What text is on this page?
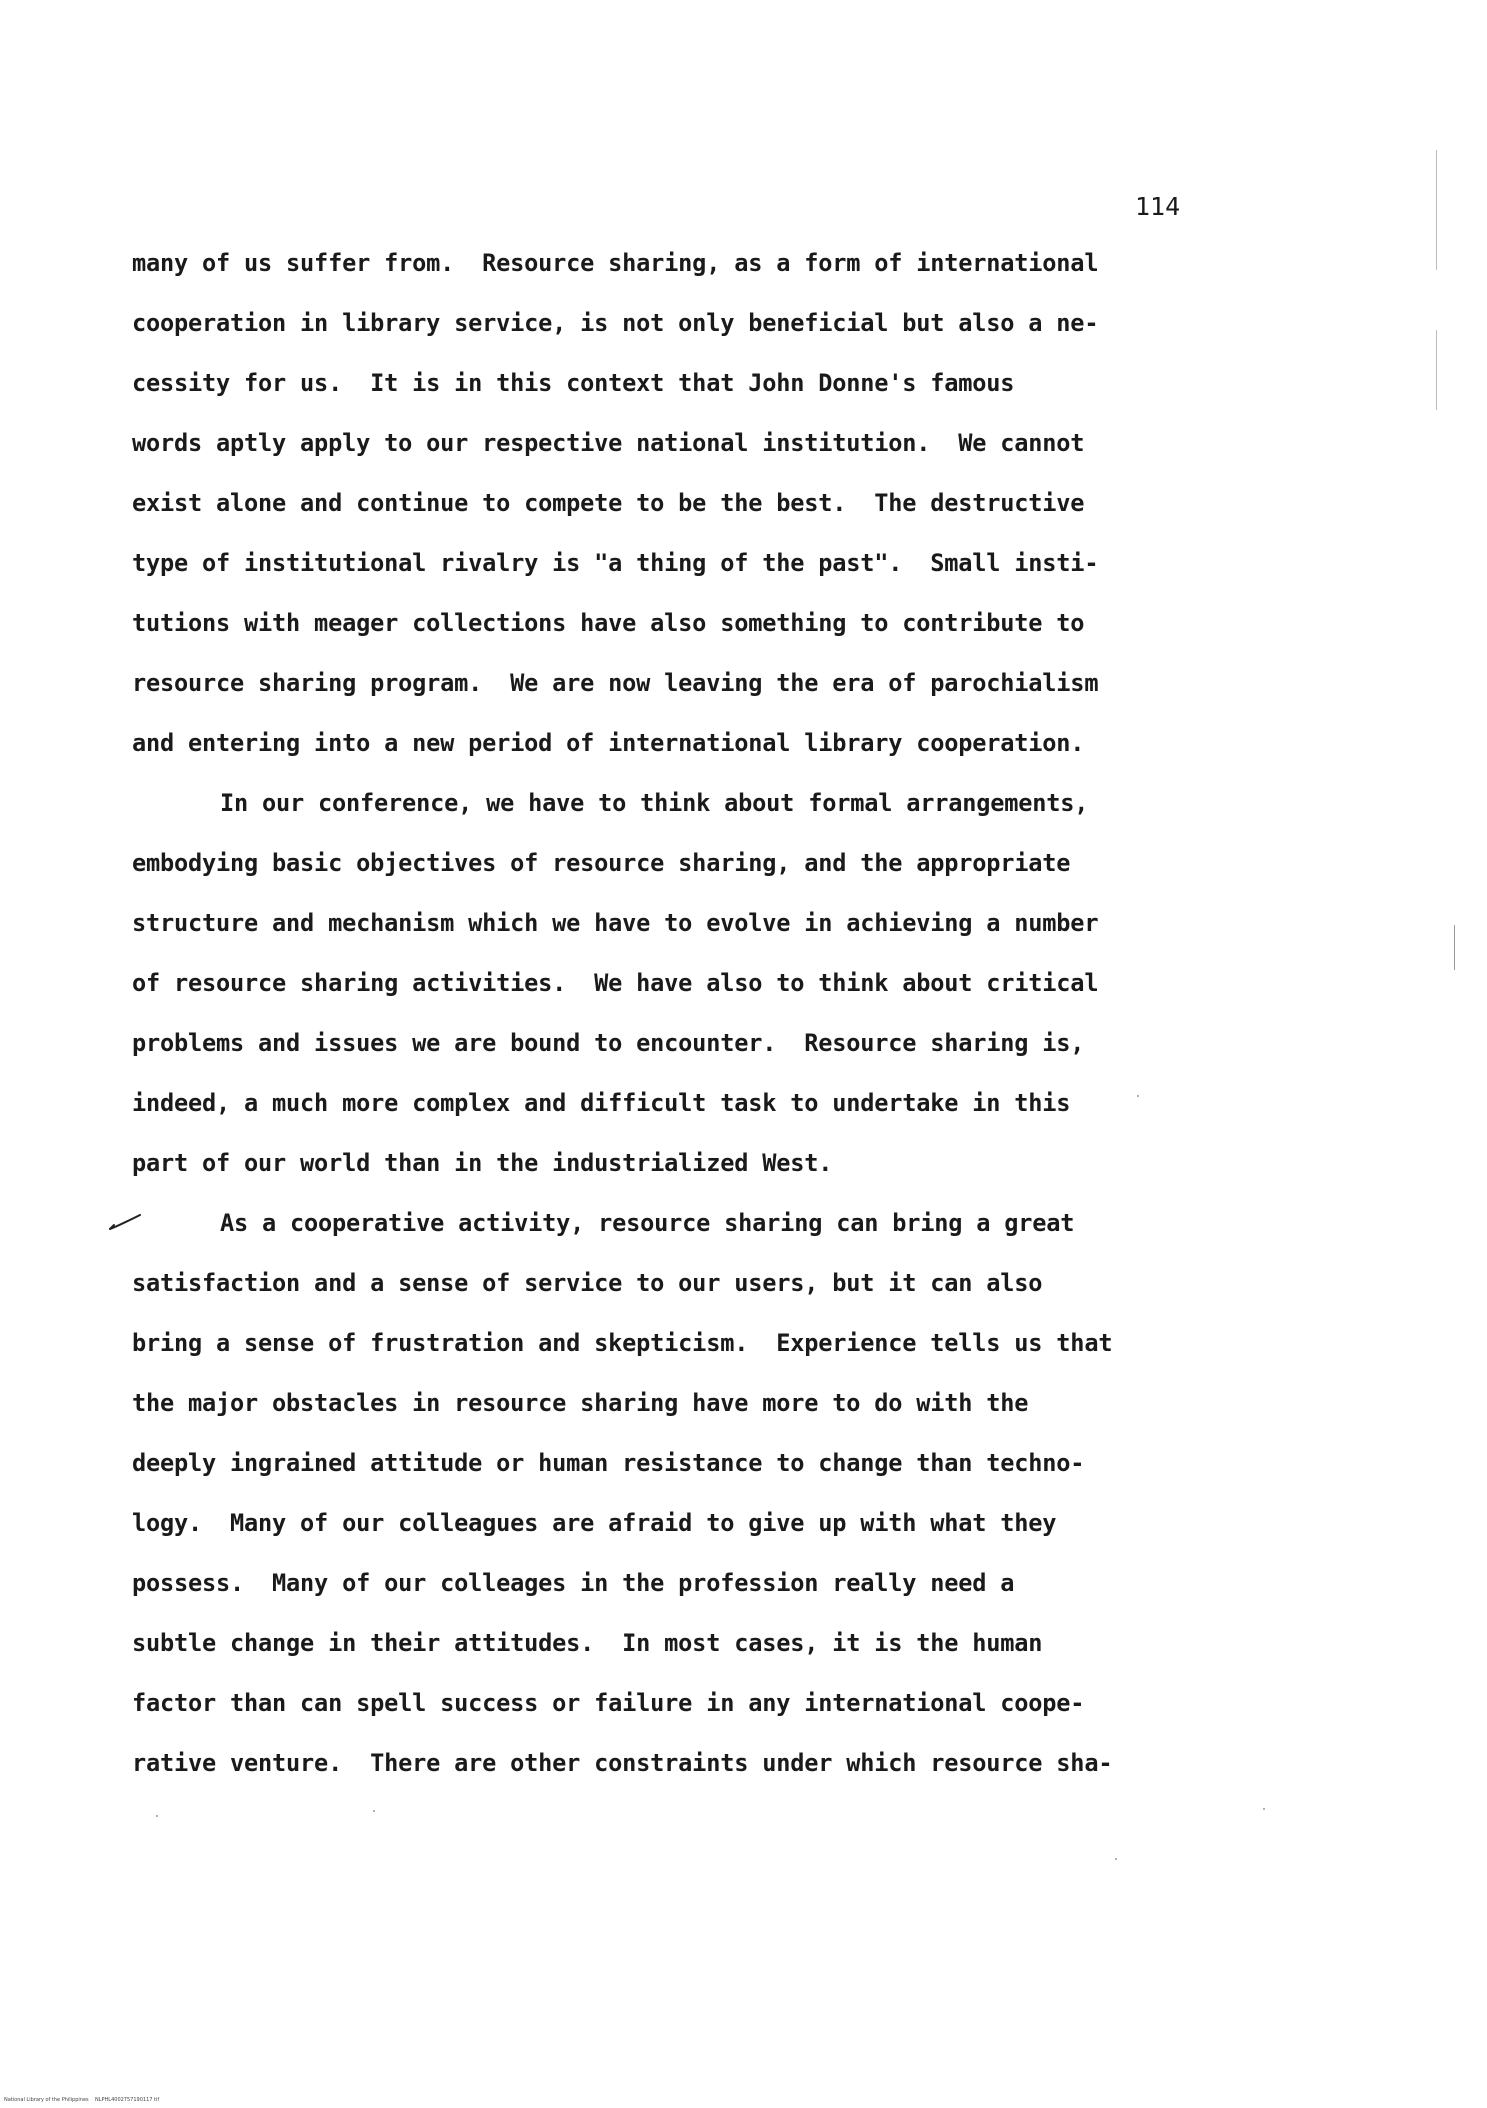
114
many of us suffer from.  Resource sharing, as a form of international
cooperation in library service, is not only beneficial but also a ne-
cessity for us.  It is in this context that John Donne's famous
words aptly apply to our respective national institution.  We cannot
exist alone and continue to compete to be the best.  The destructive
type of institutional rivalry is "a thing of the past".  Small insti-
tutions with meager collections have also something to contribute to
resource sharing program.  We are now leaving the era of parochialism
and entering into a new period of international library cooperation.
In our conference, we have to think about formal arrangements,
embodying basic objectives of resource sharing, and the appropriate
structure and mechanism which we have to evolve in achieving a number
of resource sharing activities.  We have also to think about critical
problems and issues we are bound to encounter.  Resource sharing is,
indeed, a much more complex and difficult task to undertake in this
part of our world than in the industrialized West.
As a cooperative activity, resource sharing can bring a great
satisfaction and a sense of service to our users, but it can also
bring a sense of frustration and skepticism.  Experience tells us that
the major obstacles in resource sharing have more to do with the
deeply ingrained attitude or human resistance to change than techno-
logy.  Many of our colleagues are afraid to give up with what they
possess.  Many of our colleages in the profession really need a
subtle change in their attitudes.  In most cases, it is the human
factor than can spell success or failure in any international coope-
rative venture.  There are other constraints under which resource sha-
National Library of the Philippines    NLPHL4002757190117 tif
